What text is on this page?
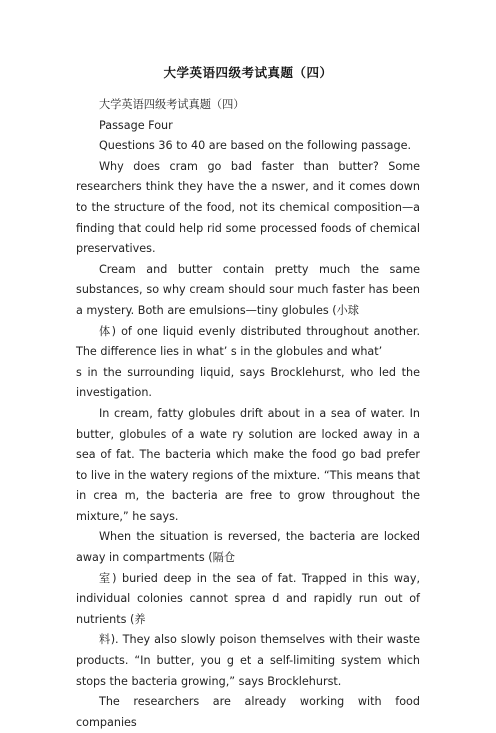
大学英语四级考试真题（四）

大学英语四级考试真题（四）

Passage Four

Questions 36 to 40 are based on the following passage.

Why does cram go bad faster than butter? Some researchers think they have the a nswer, and it comes down to the structure of the food, not its chemical composition—a finding that could help rid some processed foods of chemical preservatives.

Cream and butter contain pretty much the same substances, so why cream should sour much faster has been a mystery. Both are emulsions—tiny globules (小球

体) of one liquid evenly distributed throughout another. The difference lies in what’ s in the globules and what’

s in the surrounding liquid, says Brocklehurst, who led the investigation.

In cream, fatty globules drift about in a sea of water. In butter, globules of a wate ry solution are locked away in a sea of fat. The bacteria which make the food go bad prefer to live in the watery regions of the mixture. “This means that in crea m, the bacteria are free to grow throughout the mixture,” he says.

When the situation is reversed, the bacteria are locked away in compartments (隔仓

室) buried deep in the sea of fat. Trapped in this way, individual colonies cannot sprea d and rapidly run out of nutrients (养

料). They also slowly poison themselves with their waste products. “In butter, you g et a self-limiting system which stops the bacteria growing,” says Brocklehurst.

The researchers are already working with food companies
